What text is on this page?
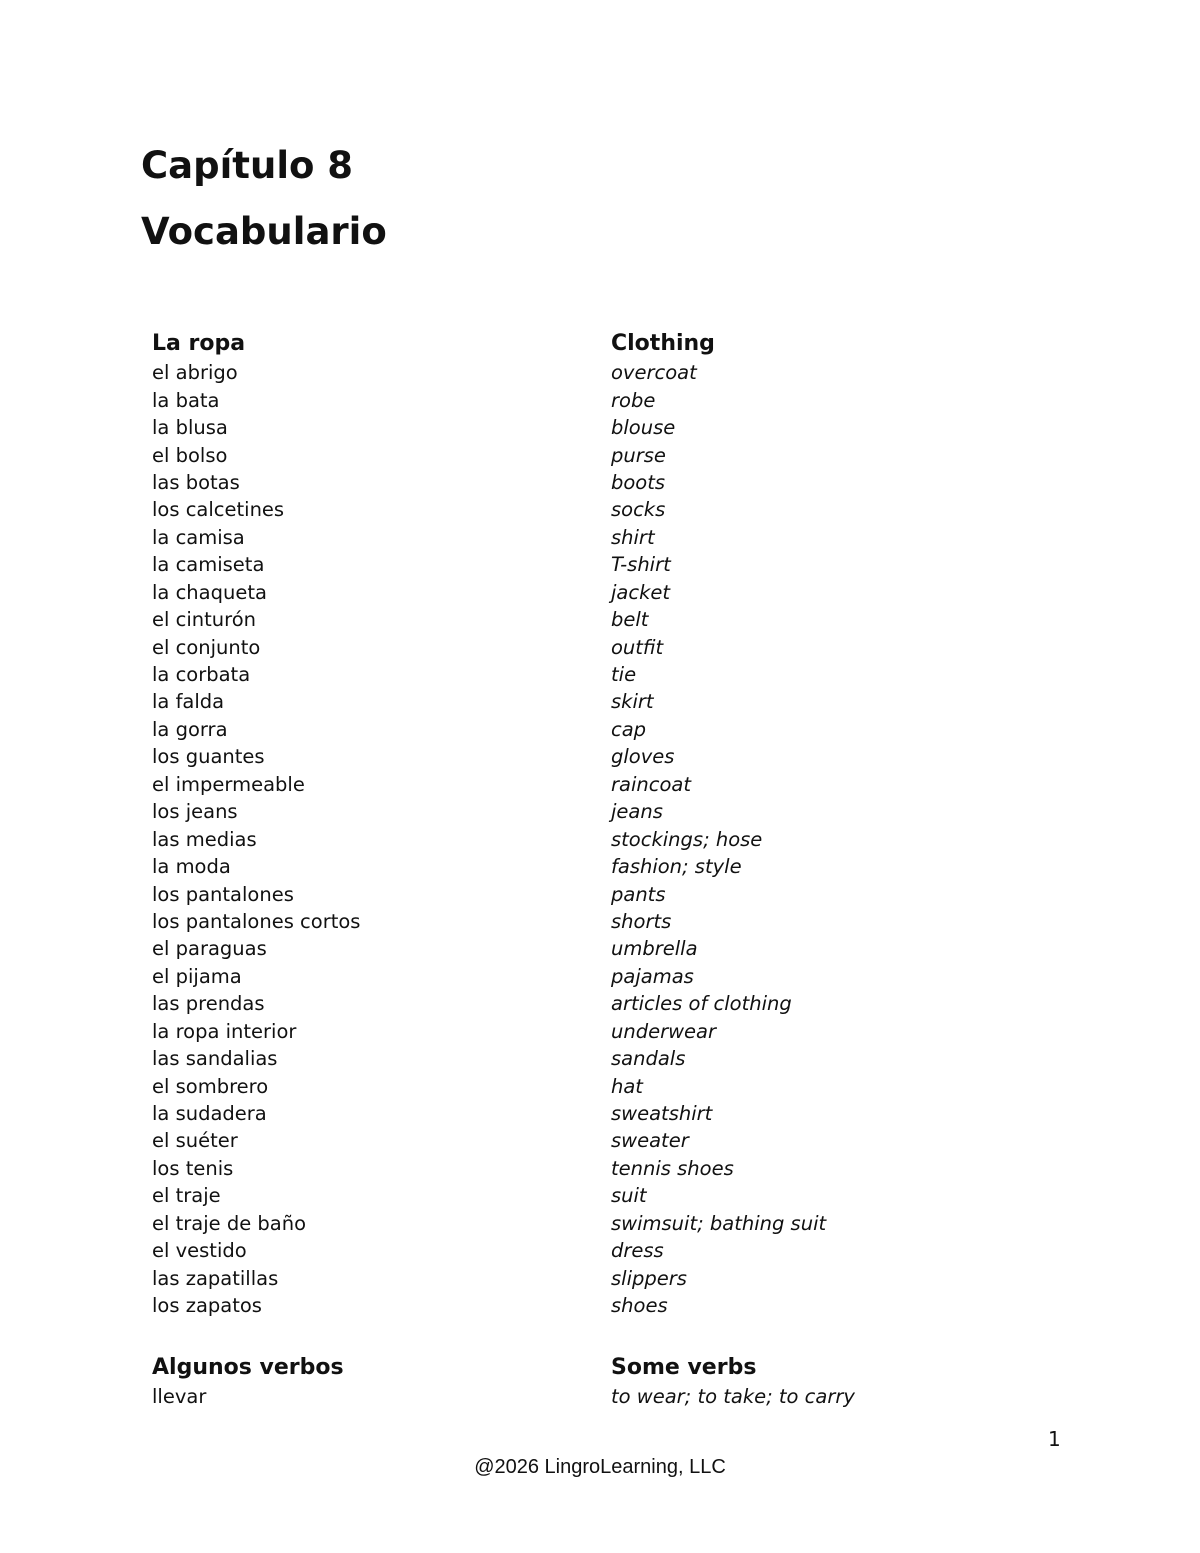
Capítulo 8
Vocabulario
La ropa	Clothing
el abrigo	overcoat
la bata	robe
la blusa	blouse
el bolso	purse
las botas	boots
los calcetines	socks
la camisa	shirt
la camiseta	T-shirt
la chaqueta	jacket
el cinturón	belt
el conjunto	outfit
la corbata	tie
la falda	skirt
la gorra	cap
los guantes	gloves
el impermeable	raincoat
los jeans	jeans
las medias	stockings; hose
la moda	fashion; style
los pantalones	pants
los pantalones cortos	shorts
el paraguas	umbrella
el pijama	pajamas
las prendas	articles of clothing
la ropa interior	underwear
las sandalias	sandals
el sombrero	hat
la sudadera	sweatshirt
el suéter	sweater
los tenis	tennis shoes
el traje	suit
el traje de baño	swimsuit; bathing suit
el vestido	dress
las zapatillas	slippers
los zapatos	shoes
Algunos verbos	Some verbs
llevar	to wear; to take; to carry
1
@2026 LingroLearning, LLC
